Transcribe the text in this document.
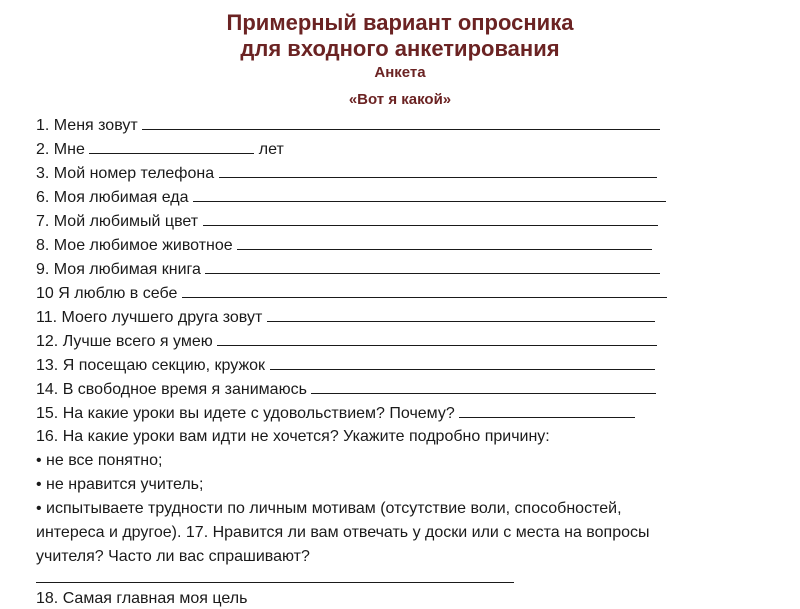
Примерный вариант опросника
для входного анкетирования
Анкета
«Вот я какой»
1. Меня зовут
2. Мне	лет
3. Мой номер телефона
6. Моя любимая еда
7. Мой любимый цвет
8. Мое любимое животное
9. Моя любимая книга
10 Я люблю в себе
11. Моего лучшего друга зовут
12. Лучше всего я умею
13. Я посещаю секцию, кружок
14. В свободное время я занимаюсь
15. На какие уроки вы идете с удовольствием? Почему?
16. На какие уроки вам идти не хочется? Укажите подробно причину:
• не все понятно;
• не нравится учитель;
• испытываете трудности по личным мотивам (отсутствие воли, способностей,
интереса и другое). 17. Нравится ли вам отвечать у доски или с места на вопросы
учителя? Часто ли вас спрашивают?
18. Самая главная моя цель
